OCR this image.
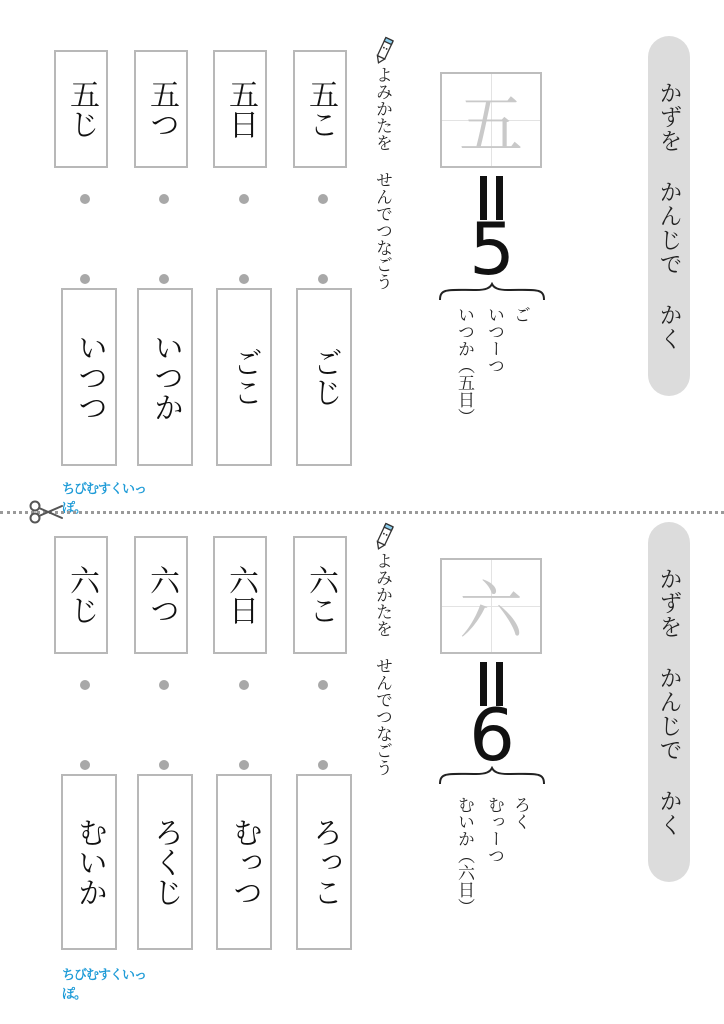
かずを かんじで かく
五
5
ご
いつーつ
いつか（五日）
よみかたを せんでつなごう
五こ
五日
五つ
五じ
ごじ
ごこ
いつか
いつつ
ちびむすくいっぽ。
かずを かんじで かく
六
6
ろく
むっーつ
むいか（六日）
よみかたを せんでつなごう
六こ
六日
六つ
六じ
ろっこ
むっつ
ろくじ
むいか
ちびむすくいっぽ。
